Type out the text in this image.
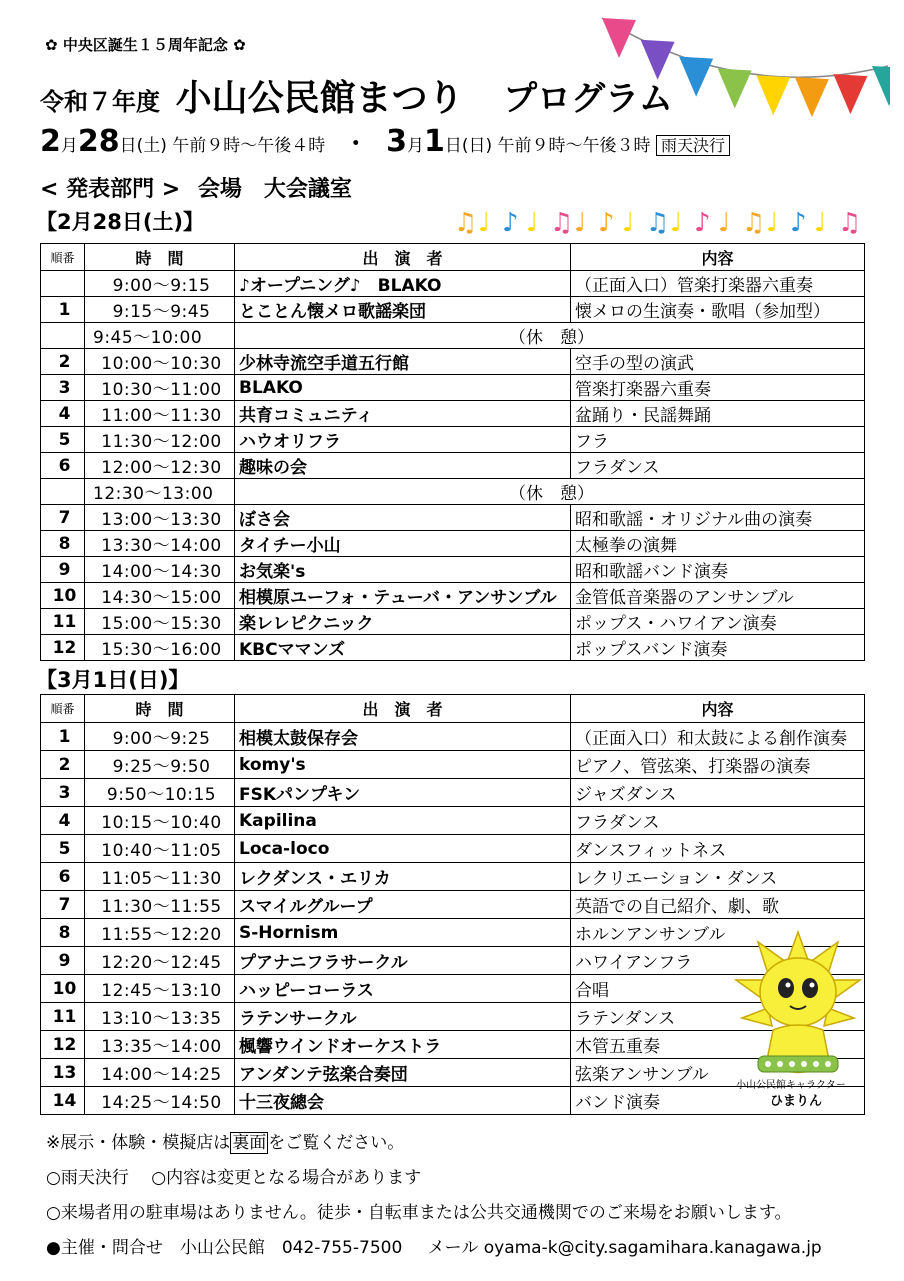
✿ 中央区誕生１５周年記念 ✿
令和７年度 小山公民館まつり プログラム
2月28日(土) 午前９時～午後４時 ・ 3月1日(日) 午前９時～午後３時 雨天決行
< 発表部門 > 会場　大会議室
【2月28日(土)】	♫ ♩ ♪ ♩ ♫ ♩ ♪ ♩ ♫ ♩ ♪ ♩ ♫ ♩ ♪ ♩ ♫
順番	時　間	出　演　者	内容
	9:00～9:15	♪オープニング♪　BLAKO	（正面入口）管楽打楽器六重奏
1	9:15～9:45	とことん懐メロ歌謡楽団	懐メロの生演奏・歌唱（参加型）
	9:45～10:00	（休　憩）	
2	10:00～10:30	少林寺流空手道五行館	空手の型の演武
3	10:30～11:00	BLAKO	管楽打楽器六重奏
4	11:00～11:30	共育コミュニティ	盆踊り・民謡舞踊
5	11:30～12:00	ハウオリフラ	フラ
6	12:00～12:30	趣味の会	フラダンス
	12:30～13:00	（休　憩）	
7	13:00～13:30	ぼさ会	昭和歌謡・オリジナル曲の演奏
8	13:30～14:00	タイチー小山	太極拳の演舞
9	14:00～14:30	お気楽's	昭和歌謡バンド演奏
10	14:30～15:00	相模原ユーフォ・テューバ・アンサンブル	金管低音楽器のアンサンブル
11	15:00～15:30	楽レレピクニック	ポップス・ハワイアン演奏
12	15:30～16:00	KBCママンズ	ポップスバンド演奏
【3月1日(日)】
順番	時　間	出　演　者	内容
1	9:00～9:25	相模太鼓保存会	（正面入口）和太鼓による創作演奏
2	9:25～9:50	komy's	ピアノ、管弦楽、打楽器の演奏
3	9:50～10:15	FSKパンプキン	ジャズダンス
4	10:15～10:40	Kapilina	フラダンス
5	10:40～11:05	Loca-loco	ダンスフィットネス
6	11:05～11:30	レクダンス・エリカ	レクリエーション・ダンス
7	11:30～11:55	スマイルグループ	英語での自己紹介、劇、歌
8	11:55～12:20	S-Hornism	ホルンアンサンブル
9	12:20～12:45	プアナニフラサークル	ハワイアンフラ
10	12:45～13:10	ハッピーコーラス	合唱
11	13:10～13:35	ラテンサークル	ラテンダンス
12	13:35～14:00	楓響ウインドオーケストラ	木管五重奏
13	14:00～14:25	アンダンテ弦楽合奏団	弦楽アンサンブル
14	14:25～14:50	十三夜總会	バンド演奏
小山公民館キャラクター
ひまりん
※展示・体験・模擬店は 裏面 をご覧ください。
○雨天決行　 ○内容は変更となる場合があります
○来場者用の駐車場はありません。徒歩・自転車または公共交通機関でのご来場をお願いします。
●主催・問合せ　小山公民館　042-755-7500 メール oyama-k@city.sagamihara.kanagawa.jp
